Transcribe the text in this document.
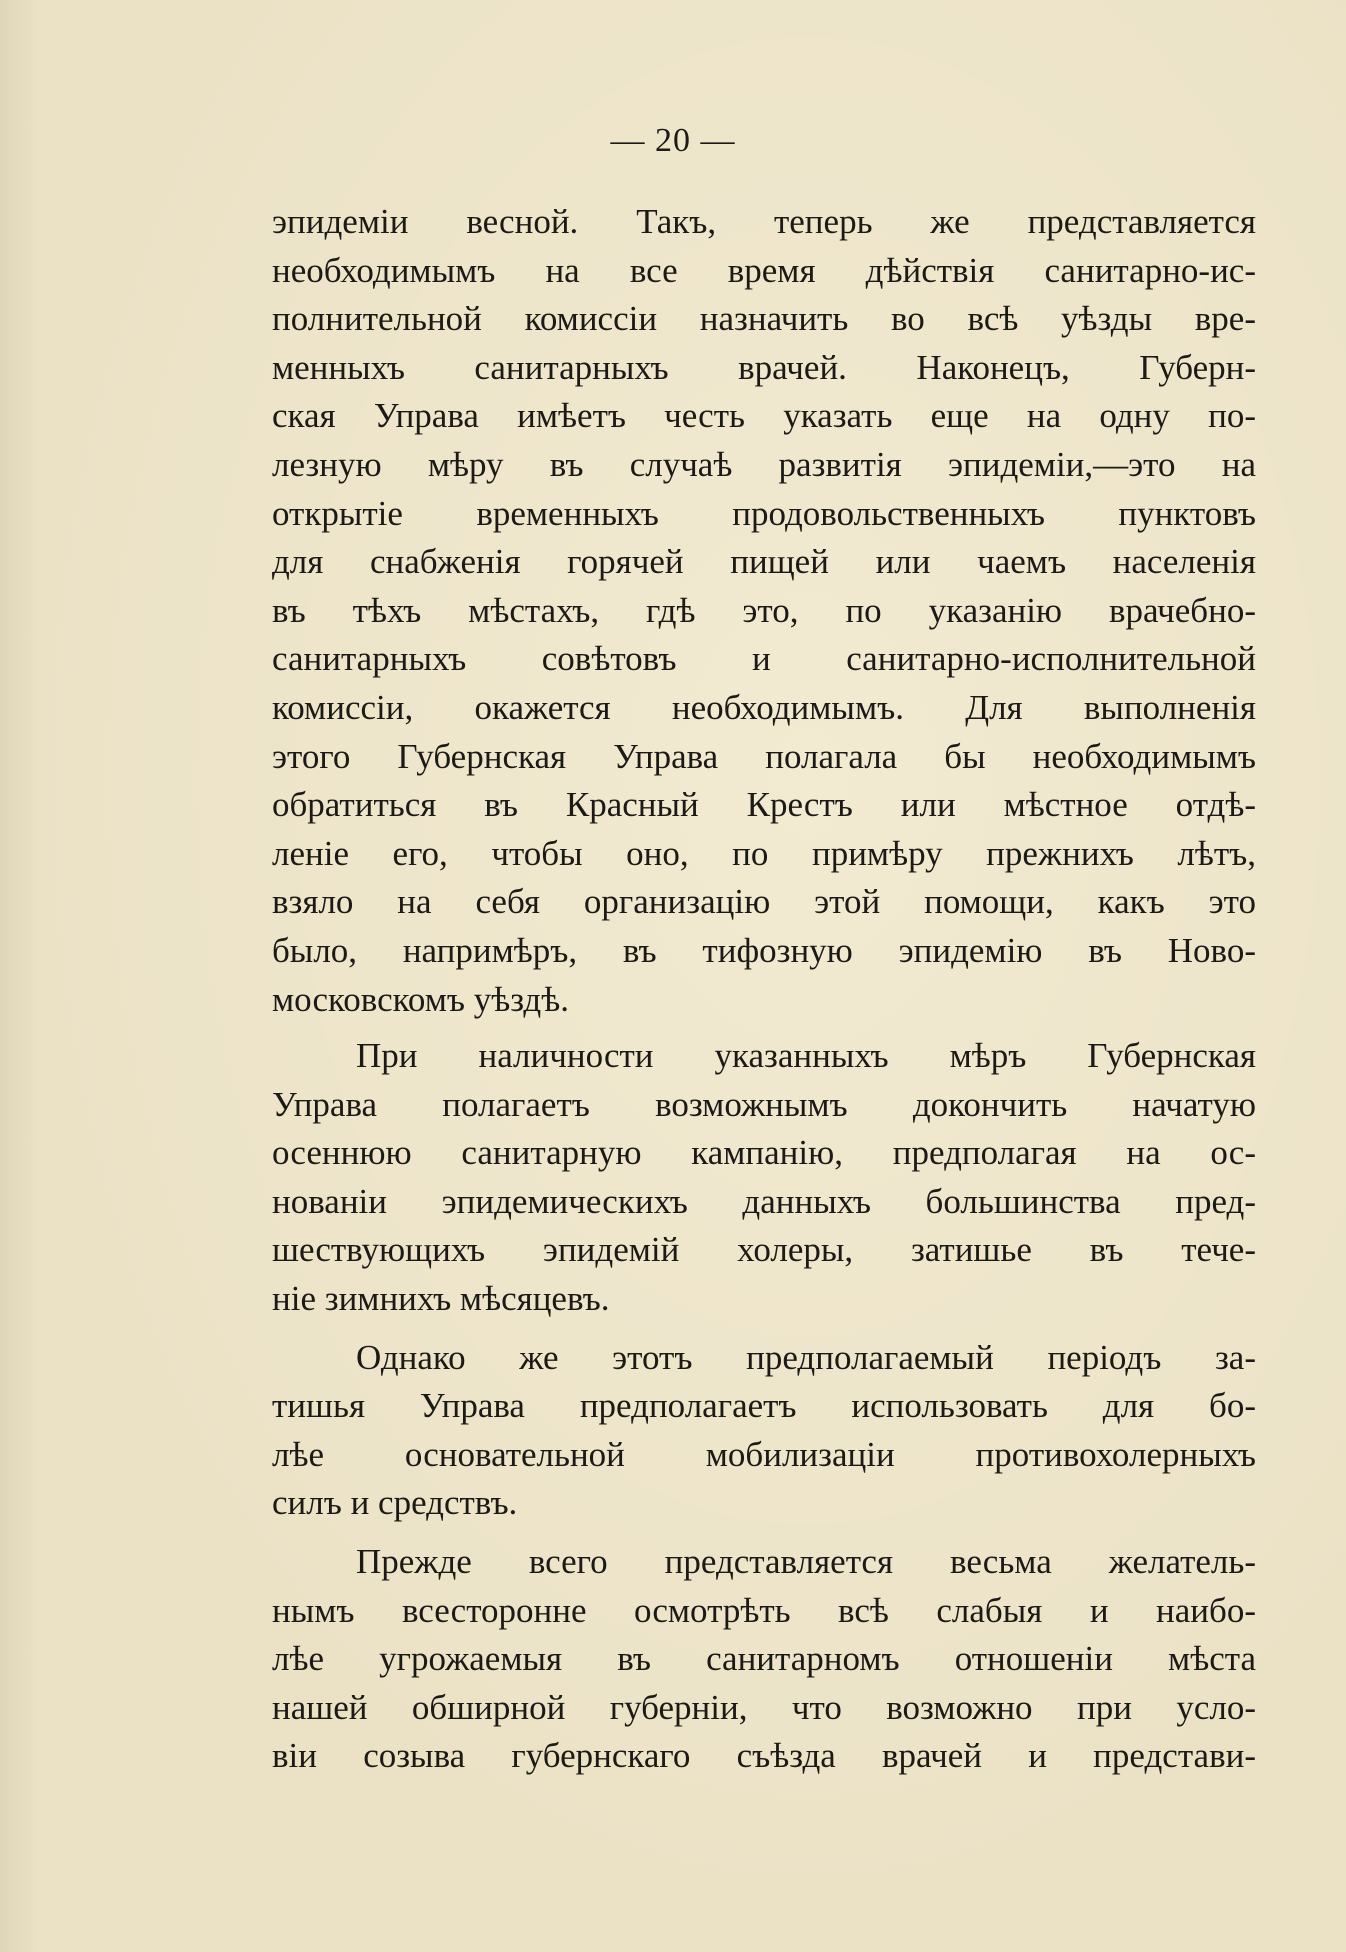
— 20 —
эпидеміи весной. Такъ, теперь же представляется
необходимымъ на все время дѣйствія санитарно-ис-
полнительной комиссіи назначить во всѣ уѣзды вре-
менныхъ санитарныхъ врачей. Наконецъ, Губерн-
ская Управа имѣетъ честь указать еще на одну по-
лезную мѣру въ случаѣ развитія эпидеміи,—это на
открытіе временныхъ продовольственныхъ пунктовъ
для снабженія горячей пищей или чаемъ населенія
въ тѣхъ мѣстахъ, гдѣ это, по указанію врачебно-
санитарныхъ совѣтовъ и санитарно-исполнительной
комиссіи, окажется необходимымъ. Для выполненія
этого Губернская Управа полагала бы необходимымъ
обратиться въ Красный Крестъ или мѣстное отдѣ-
леніе его, чтобы оно, по примѣру прежнихъ лѣтъ,
взяло на себя организацію этой помощи, какъ это
было, напримѣръ, въ тифозную эпидемію въ Ново-
московскомъ уѣздѣ.
При наличности указанныхъ мѣръ Губернская
Управа полагаетъ возможнымъ докончить начатую
осеннюю санитарную кампанію, предполагая на ос-
нованіи эпидемическихъ данныхъ большинства пред-
шествующихъ эпидемій холеры, затишье въ тече-
ніе зимнихъ мѣсяцевъ.
Однако же этотъ предполагаемый періодъ за-
тишья Управа предполагаетъ использовать для бо-
лѣе основательной мобилизаціи противохолерныхъ
силъ и средствъ.
Прежде всего представляется весьма желатель-
нымъ всесторонне осмотрѣть всѣ слабыя и наибо-
лѣе угрожаемыя въ санитарномъ отношеніи мѣста
нашей обширной губерніи, что возможно при усло-
віи созыва губернскаго съѣзда врачей и представи-
